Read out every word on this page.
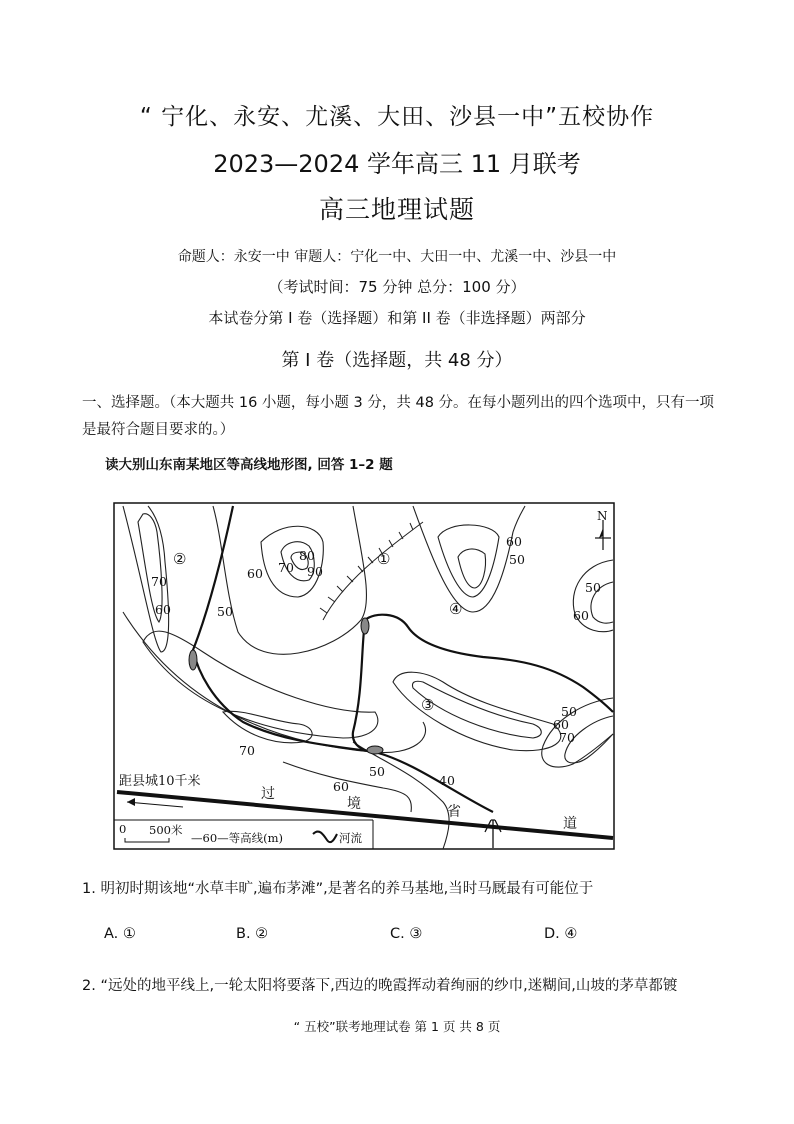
“ 宁化、永安、尤溪、大田、沙县一中”五校协作
2023—2024 学年高三 11 月联考
高三地理试题
命题人：永安一中 审题人：宁化一中、大田一中、尤溪一中、沙县一中
（考试时间：75 分钟 总分：100 分）
本试卷分第 I 卷（选择题）和第 II 卷（非选择题）两部分
第 I 卷（选择题，共 48 分）
一、选择题。（本大题共 16 小题，每小题 3 分，共 48 分。在每小题列出的四个选项中，只有一项是最符合题目要求的。）
读大别山东南某地区等高线地形图, 回答 1–2 题
N
①
②
③
④
70
60
60 70
80
90
50
60
50
50
60
50
60
70
70
60
50
40
距县城10千米
过
境	省
道
0 500米
—60—等高线(m)	河流
1. 明初时期该地“水草丰旷,遍布茅滩”,是著名的养马基地,当时马厩最有可能位于
A. ①	B. ②	C. ③	D. ④
2. “远处的地平线上,一轮太阳将要落下,西边的晚霞挥动着绚丽的纱巾,迷糊间,山坡的茅草都镀
“ 五校”联考地理试卷 第 1 页 共 8 页
